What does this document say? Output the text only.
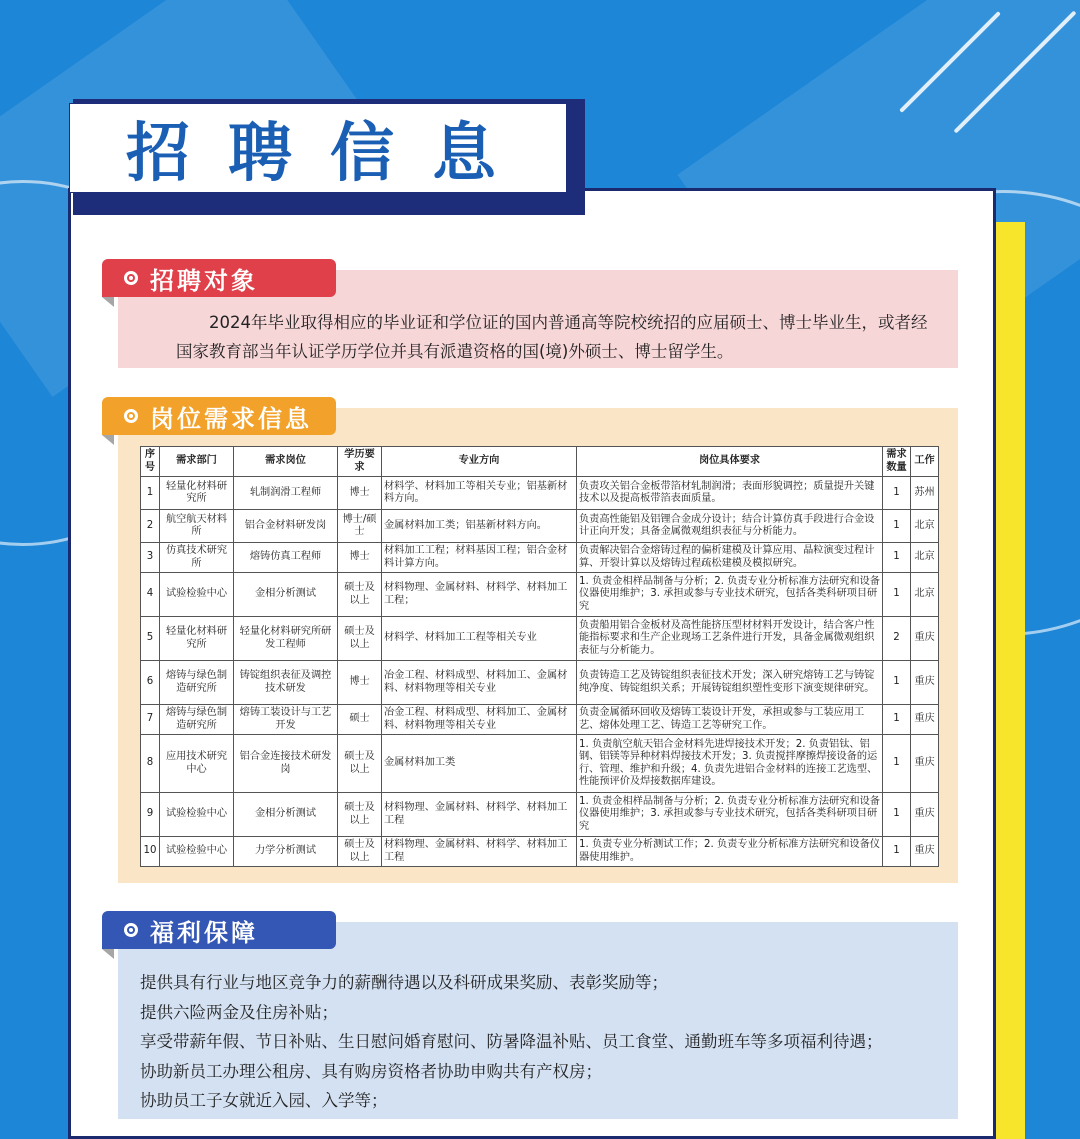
招聘信息
2024年毕业取得相应的毕业证和学位证的国内普通高等院校统招的应届硕士、博士毕业生，或者经国家教育部当年认证学历学位并具有派遣资格的国(境)外硕士、博士留学生。
招聘对象
序号	需求部门	需求岗位	学历要求	专业方向	岗位具体要求	需求数量	工作
1	轻量化材料研究所	轧制润滑工程师	博士	材料学、材料加工等相关专业；铝基新材料方向。	负责攻关铝合金板带箔材轧制润滑；表面形貌调控；质量提升关键技术以及提高板带箔表面质量。	1	苏州
2	航空航天材料所	铝合金材料研发岗	博士/硕士	金属材料加工类；铝基新材料方向。	负责高性能铝及铝锂合金成分设计；结合计算仿真手段进行合金设计正向开发；具备金属微观组织表征与分析能力。	1	北京
3	仿真技术研究所	熔铸仿真工程师	博士	材料加工工程；材料基因工程；铝合金材料计算方向。	负责解决铝合金熔铸过程的偏析建模及计算应用、晶粒演变过程计算、开裂计算以及熔铸过程疏松建模及模拟研究。	1	北京
4	试验检验中心	金相分析测试	硕士及以上	材料物理、金属材料、材料学、材料加工工程；	1. 负责金相样品制备与分析；2. 负责专业分析标准方法研究和设备仪器使用维护；3. 承担或参与专业技术研究，包括各类科研项目研究	1	北京
5	轻量化材料研究所	轻量化材料研究所研发工程师	硕士及以上	材料学、材料加工工程等相关专业	负责船用铝合金板材及高性能挤压型材材料开发设计，结合客户性能指标要求和生产企业现场工艺条件进行开发，具备金属微观组织表征与分析能力。	2	重庆
6	熔铸与绿色制造研究所	铸锭组织表征及调控技术研发	博士	冶金工程、材料成型、材料加工、金属材料、材料物理等相关专业	负责铸造工艺及铸锭组织表征技术开发；深入研究熔铸工艺与铸锭纯净度、铸锭组织关系；开展铸锭组织塑性变形下演变规律研究。	1	重庆
7	熔铸与绿色制造研究所	熔铸工装设计与工艺开发	硕士	冶金工程、材料成型、材料加工、金属材料、材料物理等相关专业	负责金属循环回收及熔铸工装设计开发，承担或参与工装应用工艺、熔体处理工艺、铸造工艺等研究工作。	1	重庆
8	应用技术研究中心	铝合金连接技术研发岗	硕士及以上	金属材料加工类	1. 负责航空航天铝合金材料先进焊接技术开发；2. 负责铝钛、铝钢、铝镁等异种材料焊接技术开发；3. 负责搅拌摩擦焊接设备的运行、管理、维护和升级；4. 负责先进铝合金材料的连接工艺选型、性能预评价及焊接数据库建设。	1	重庆
9	试验检验中心	金相分析测试	硕士及以上	材料物理、金属材料、材料学、材料加工工程	1. 负责金相样品制备与分析；2. 负责专业分析标准方法研究和设备仪器使用维护；3. 承担或参与专业技术研究，包括各类科研项目研究	1	重庆
10	试验检验中心	力学分析测试	硕士及以上	材料物理、金属材料、材料学、材料加工工程	1. 负责专业分析测试工作；2. 负责专业分析标准方法研究和设备仪器使用维护。	1	重庆
岗位需求信息
提供具有行业与地区竞争力的薪酬待遇以及科研成果奖励、表彰奖励等；
提供六险两金及住房补贴；
享受带薪年假、节日补贴、生日慰问婚育慰问、防暑降温补贴、员工食堂、通勤班车等多项福利待遇；
协助新员工办理公租房、具有购房资格者协助申购共有产权房；
协助员工子女就近入园、入学等；
福利保障
